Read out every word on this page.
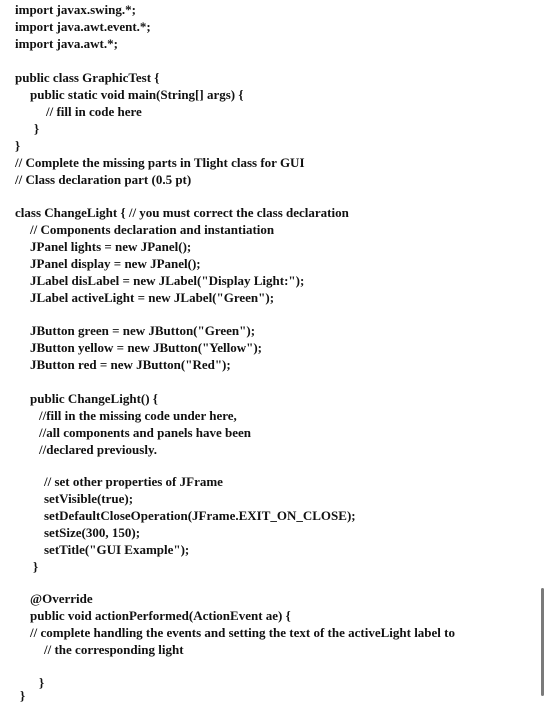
import javax.swing.*;
import java.awt.event.*;
import java.awt.*;
public class GraphicTest {
public static void main(String[] args) {
// fill in code here
}
}
// Complete the missing parts in Tlight class for GUI
// Class declaration part (0.5 pt)
class ChangeLight { // you must correct the class declaration
// Components declaration and instantiation
JPanel lights = new JPanel();
JPanel display = new JPanel();
JLabel disLabel = new JLabel("Display Light:");
JLabel activeLight = new JLabel("Green");
JButton green = new JButton("Green");
JButton yellow = new JButton("Yellow");
JButton red = new JButton("Red");
public ChangeLight() {
//fill in the missing code under here,
//all components and panels have been
//declared previously.
// set other properties of JFrame
setVisible(true);
setDefaultCloseOperation(JFrame.EXIT_ON_CLOSE);
setSize(300, 150);
setTitle("GUI Example");
}
@Override
public void actionPerformed(ActionEvent ae) {
// complete handling the events and setting the text of the activeLight label to
// the corresponding light
}
}
